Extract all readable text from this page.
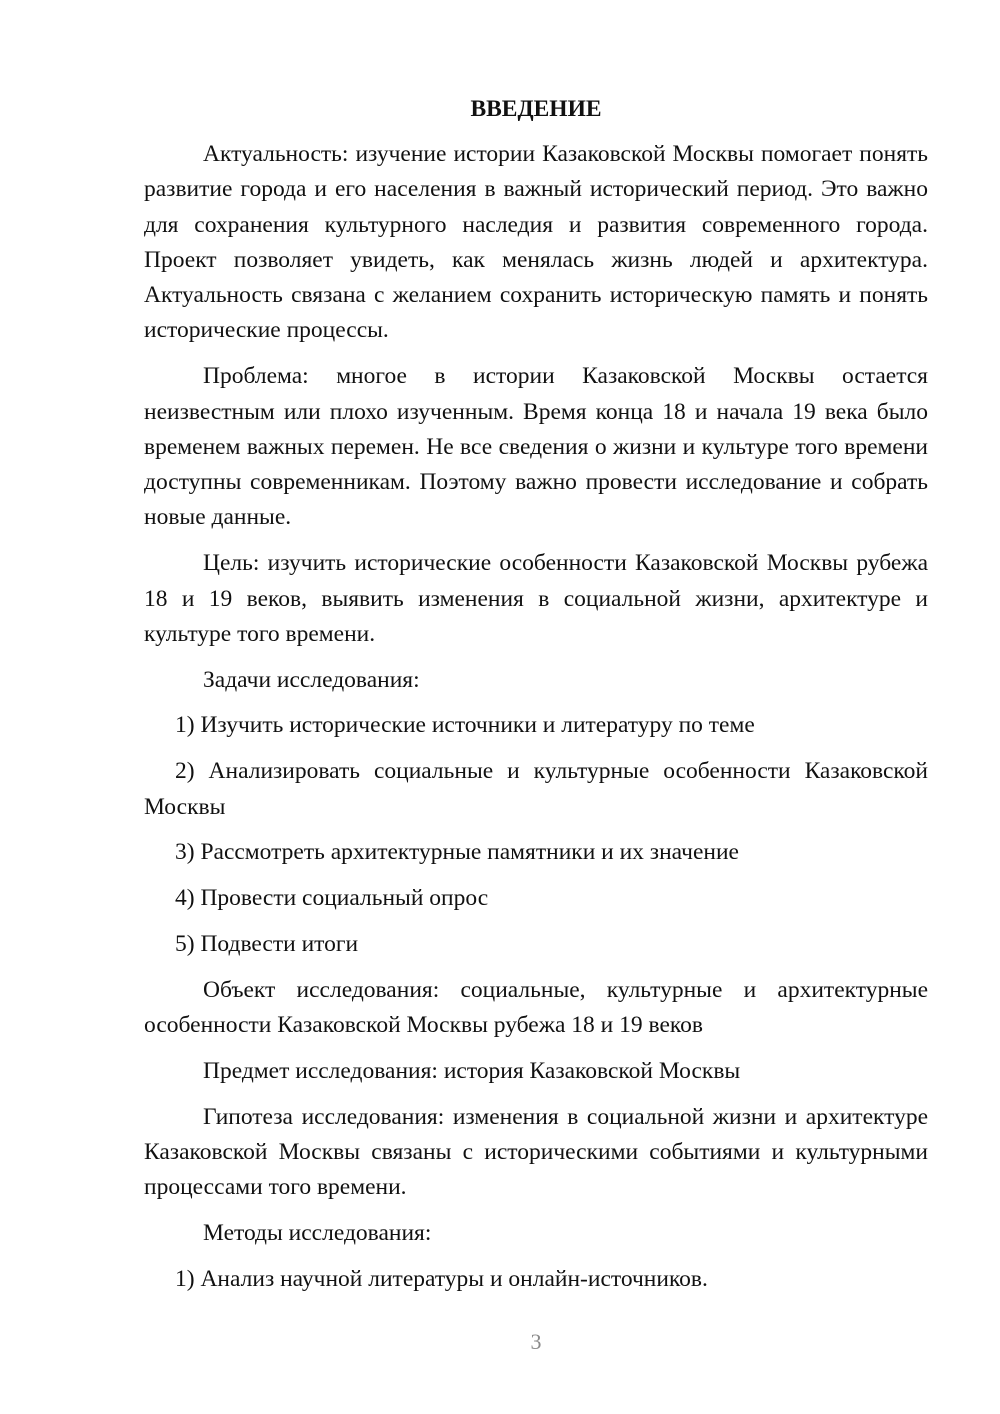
ВВЕДЕНИЕ

Актуальность: изучение истории Казаковской Москвы помогает понять развитие города и его населения в важный исторический период. Это важно для сохранения культурного наследия и развития современного города. Проект позволяет увидеть, как менялась жизнь людей и архитектура. Актуальность связана с желанием сохранить историческую память и понять исторические процессы.

Проблема: многое в истории Казаковской Москвы остается неизвестным или плохо изученным. Время конца 18 и начала 19 века было временем важных перемен. Не все сведения о жизни и культуре того времени доступны современникам. Поэтому важно провести исследование и собрать новые данные.

Цель: изучить исторические особенности Казаковской Москвы рубежа 18 и 19 веков, выявить изменения в социальной жизни, архитектуре и культуре того времени.

Задачи исследования:

1) Изучить исторические источники и литературу по теме

2) Анализировать социальные и культурные особенности Казаковской Москвы

3) Рассмотреть архитектурные памятники и их значение

4) Провести социальный опрос

5) Подвести итоги

Объект исследования: социальные, культурные и архитектурные особенности Казаковской Москвы рубежа 18 и 19 веков

Предмет исследования: история Казаковской Москвы

Гипотеза исследования: изменения в социальной жизни и архитектуре Казаковской Москвы связаны с историческими событиями и культурными процессами того времени.

Методы исследования:

1) Анализ научной литературы и онлайн-источников.

3
